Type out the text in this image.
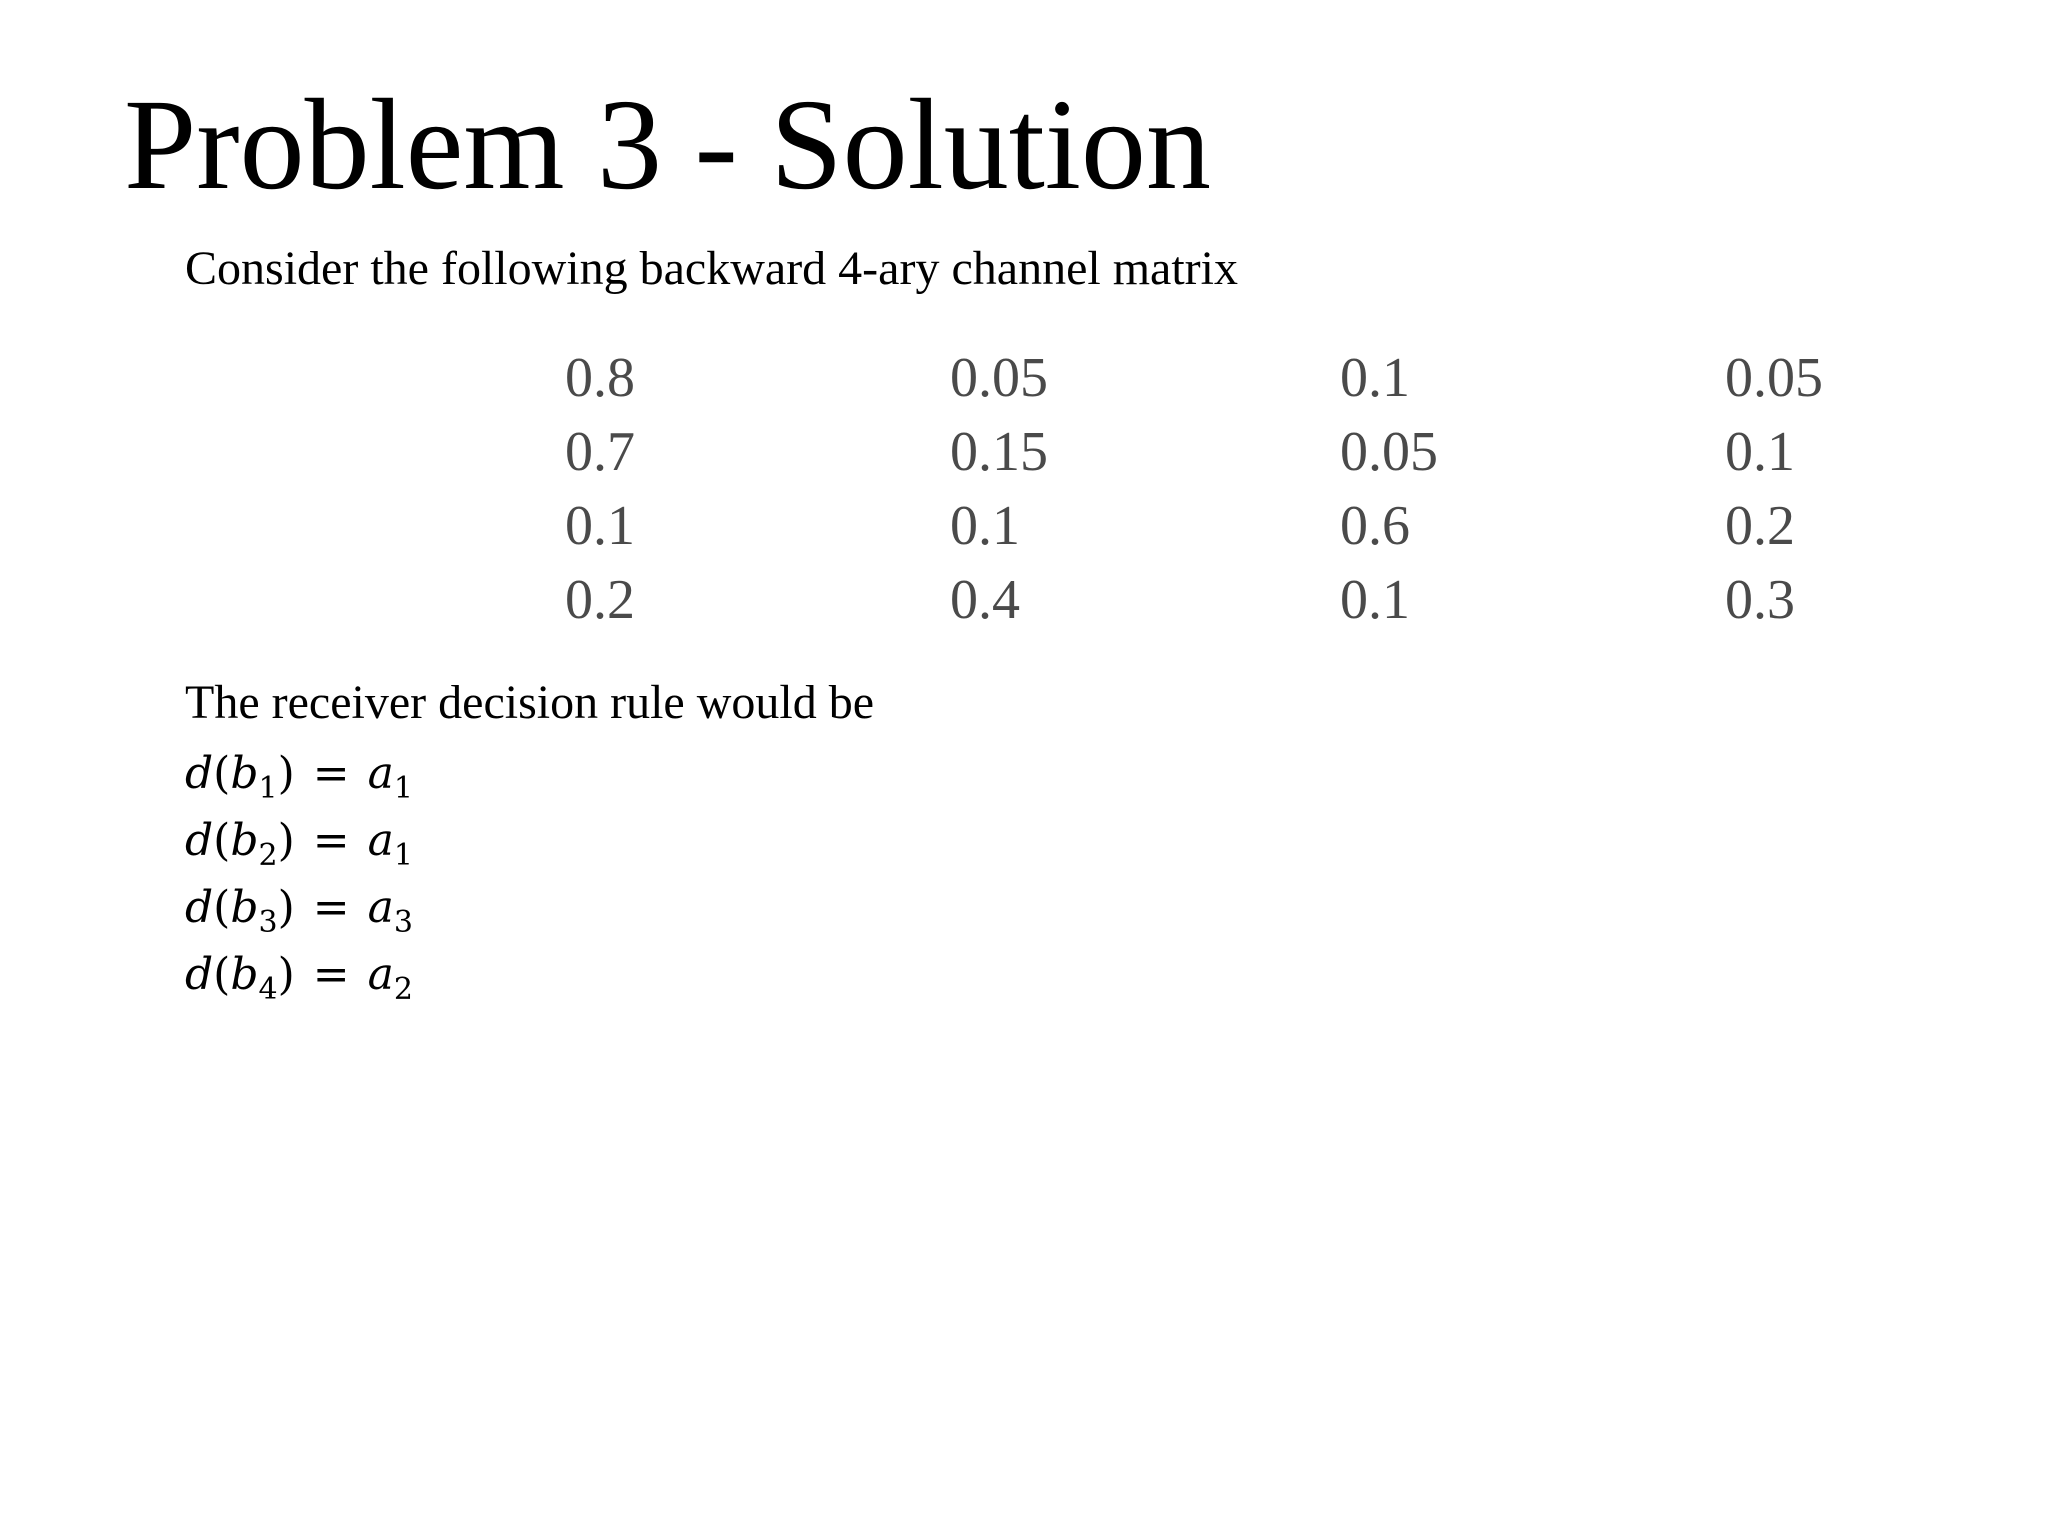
Problem 3 - Solution
Consider the following backward 4-ary channel matrix
0.8	0.05	0.1	0.05
0.7	0.15	0.05	0.1
0.1	0.1	0.6	0.2
0.2	0.4	0.1	0.3
The receiver decision rule would be
$d(b_1) = a_1$
$d(b_2) = a_1$
$d(b_3) = a_3$
$d(b_4) = a_2$
